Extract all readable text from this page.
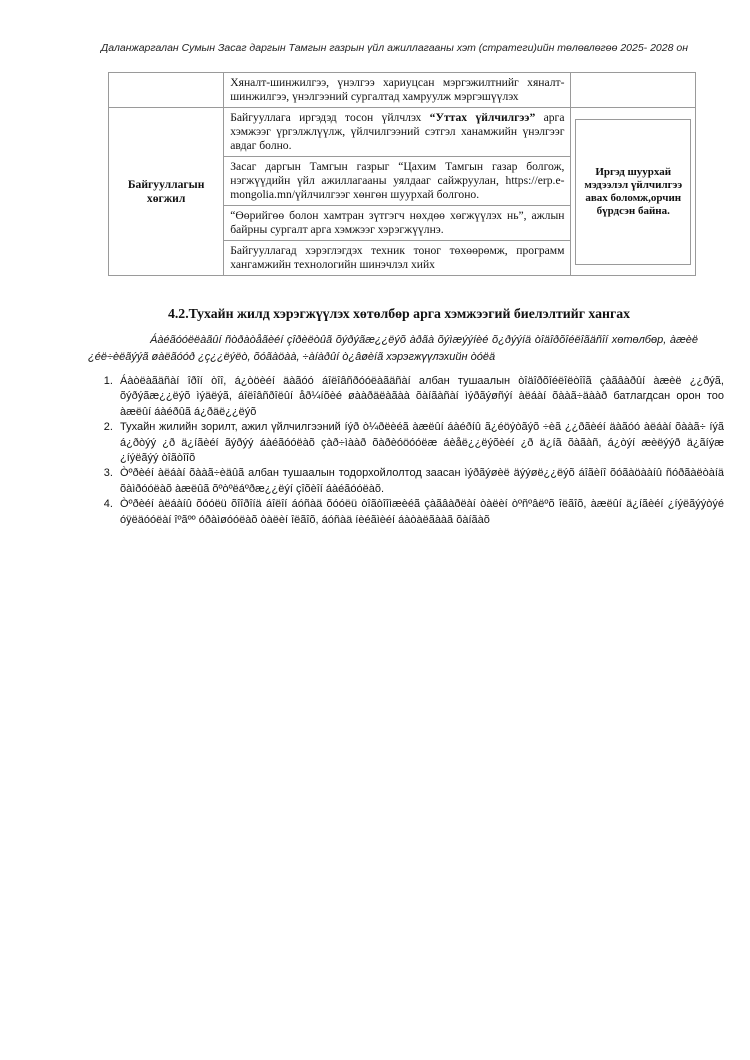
Даланжаргалан Сумын Засаг даргын Тамгын газрын үйл ажиллагааны хэт (стратеги)ийн төлөвлөгөө 2025- 2028 он
	Хяналт-шинжилгээ, үнэлгээ хариуцсан мэргэжилтнийг хяналт-шинжилгээ, үнэлгээний сургалтад хамруулж мэргэшүүлэх	
Байгууллагын хөгжил	Байгууллага иргэдэд тосон үйлчлэх “Уттах үйлчилгээ” арга хэмжээг үргэлжлүүлж, үйлчилгээний сэтгэл ханамжийн үнэлгээг авдаг болно.	Иргэд шуурхай мэдээлэл үйлчилгээ авах боломж,орчин бүрдсэн байна.

	Засаг даргын Тамгын газрыг “Цахим Тамгын газар болгож, нэгжүүдийн үйл ажиллагааны уялдааг сайжруулан, https://erp.e-mongolia.mn/үйлчилгээг хөнгөн шуурхай болгоно.	
	“Өөрийгөө болон хамтран зүтгэгч нөхдөө хөгжүүлэх нь”, ажлын байрны сургалт арга хэмжээг хэрэгжүүлнэ.	
	Байгууллагад хэрэглэгдэх техник тоног төхөөрөмж, программ хангамжийн технологийн шинэчлэл хийх	
4.2.Тухайн жилд хэрэгжүүлэх хөтөлбөр арга хэмжээгий биелэлтийг хангах

Áàéãóóëëàãûí ñòðàòåãèéí çîðèëòûã õýðýãæ¿¿ëýõ àðãà õýìæýýíèé õ¿ðýýíä òîäîðõîéëîãäñîí хөтөлбөр, àæèë ¿éë÷èëãýýã øàëãóóð ¿ç¿¿ëýëò, õóãàöàà, ÷àíàðûí ò¿âøèíã хэрэгжүүлэхийн òóëä

1. Áàòëàãäñàí îðîí òîî, á¿òöèéí äàãóó áîëîâñðóóëàãäñàí албан тушаалын òîäîðõîéëîëòîîã çàãâàðûí àæèë ¿¿ðýã, õýðýãæ¿¿ëýõ ìýäëýã, áîëîâñðîëûí åð¼íõèé øààðäëàãàà õàíãàñàí ìýðãýøñýí àëáàí õààã÷äààð батлагдсан орон тоо àæëûí áàéðûã á¿ðäë¿¿ëýõ
2. Тухайн жилийн зорилт, ажил үйлчилгээний íýð ò¼ðëèéã àæëûí áàéðíû ã¿éöýòãýõ ÷èã ¿¿ðãèéí äàãóó àëáàí õààã÷ íýã á¿ðòýý ¿ð ä¿íãèéí ãýðýý áàéãóóëàõ çàð÷ìààð õàðèóöóóëæ áèåë¿¿ëýõèéí ¿ð ä¿íã õàãàñ, á¿òýí æèëýýð ä¿ãíýæ ¿íýëãýý òîãòîîõ
3. Òºðèéí àëáàí õààã÷èäûã албан тушаалын тодорхойлолтод заасан ìýðãýøèë äýýøë¿¿ëýõ áîãèíî õóãàöààíû ñóðãàëòàíä õàìðóóëàõ àæëûã õºòºëáºðæ¿¿ëýí çîõèîí áàéãóóëàõ.
4. Òºðèéí àëáàíû õóóëü õîîðîíä áîëîí áóñàä õóóëü òîãòîîìæèéã çàãâàðëàí òàëèí òºñºâëºõ îëãîõ, àæëûí ä¿íãèéí ¿íýëãýýòýé óÿëäóóëàí îºãºº óðàìøóóëàõ òàëèí îëãîõ, áóñàä íèéãìèéí áàòàëãààã õàíãàõ
